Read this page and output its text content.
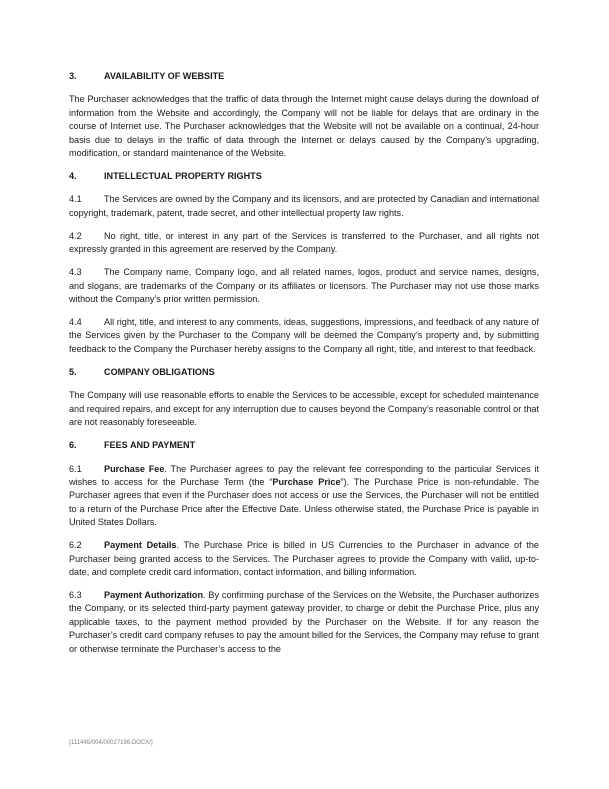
3.	AVAILABILITY OF WEBSITE

The Purchaser acknowledges that the traffic of data through the Internet might cause delays during the download of information from the Website and accordingly, the Company will not be liable for delays that are ordinary in the course of Internet use. The Purchaser acknowledges that the Website will not be available on a continual, 24-hour basis due to delays in the traffic of data through the Internet or delays caused by the Company’s upgrading, modification, or standard maintenance of the Website.

4.	INTELLECTUAL PROPERTY RIGHTS

4.1 The Services are owned by the Company and its licensors, and are protected by Canadian and international copyright, trademark, patent, trade secret, and other intellectual property law rights.

4.2 No right, title, or interest in any part of the Services is transferred to the Purchaser, and all rights not expressly granted in this agreement are reserved by the Company.

4.3 The Company name, Company logo, and all related names, logos, product and service names, designs, and slogans, are trademarks of the Company or its affiliates or licensors. The Purchaser may not use those marks without the Company’s prior written permission.

4.4 All right, title, and interest to any comments, ideas, suggestions, impressions, and feedback of any nature of the Services given by the Purchaser to the Company will be deemed the Company’s property and, by submitting feedback to the Company the Purchaser hereby assigns to the Company all right, title, and interest to that feedback.

5.	COMPANY OBLIGATIONS

The Company will use reasonable efforts to enable the Services to be accessible, except for scheduled maintenance and required repairs, and except for any interruption due to causes beyond the Company’s reasonable control or that are not reasonably foreseeable.

6.	FEES AND PAYMENT

6.1 Purchase Fee. The Purchaser agrees to pay the relevant fee corresponding to the particular Services it wishes to access for the Purchase Term (the “Purchase Price”). The Purchase Price is non-refundable. The Purchaser agrees that even if the Purchaser does not access or use the Services, the Purchaser will not be entitled to a return of the Purchase Price after the Effective Date. Unless otherwise stated, the Purchase Price is payable in United States Dollars.

6.2 Payment Details. The Purchase Price is billed in US Currencies to the Purchaser in advance of the Purchaser being granted access to the Services. The Purchaser agrees to provide the Company with valid, up-to-date, and complete credit card information, contact information, and billing information.

6.3 Payment Authorization. By confirming purchase of the Services on the Website, the Purchaser authorizes the Company, or its selected third-party payment gateway provider, to charge or debit the Purchase Price, plus any applicable taxes, to the payment method provided by the Purchaser on the Website. If for any reason the Purchaser’s credit card company refuses to pay the amount billed for the Services, the Company may refuse to grant or otherwise terminate the Purchaser’s access to the

{111445/004/00027196.DOCX/}
